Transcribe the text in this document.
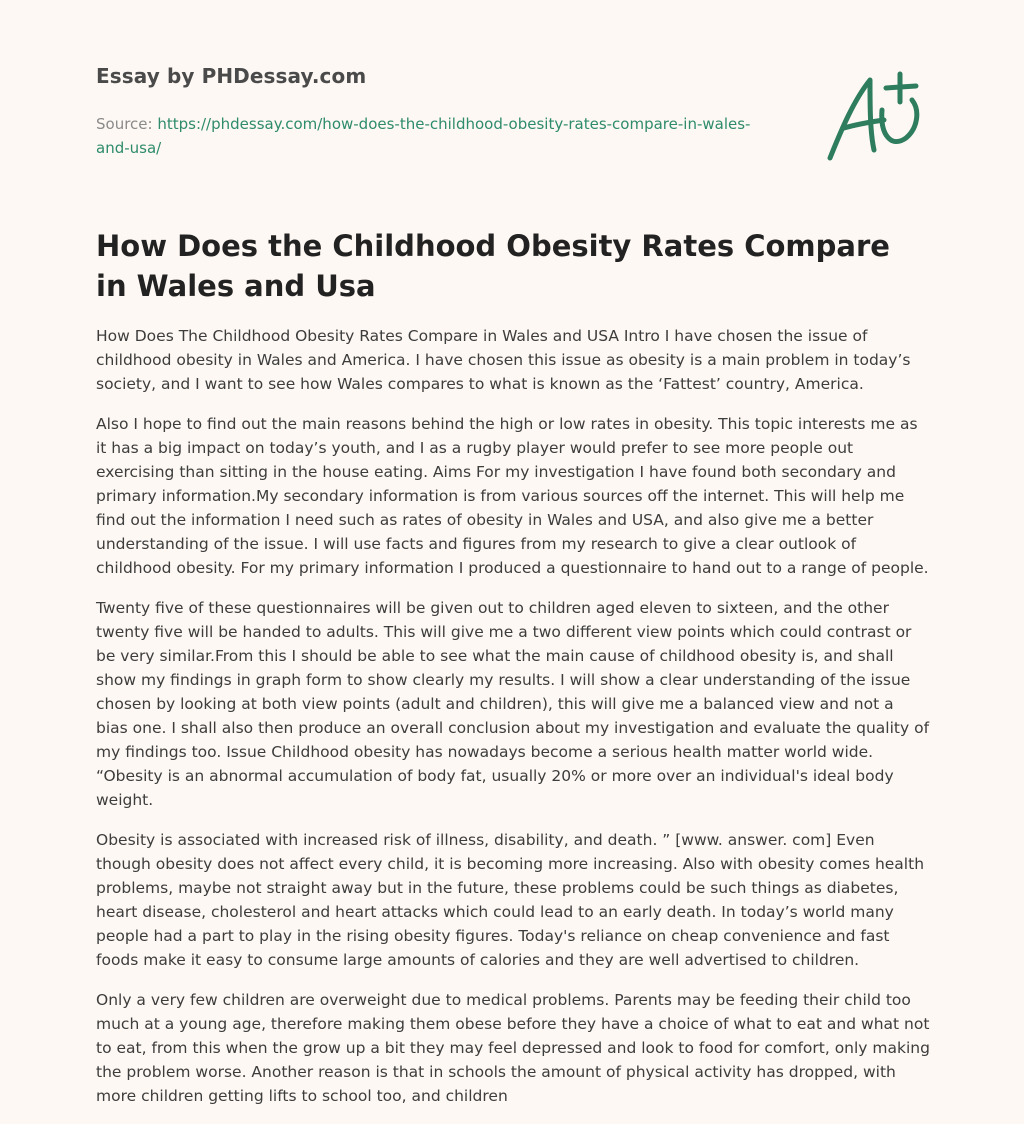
Essay by PHDessay.com
Source: https://phdessay.com/how-does-the-childhood-obesity-rates-compare-in-wales-and-usa/
How Does the Childhood Obesity Rates Compare in Wales and Usa

How Does The Childhood Obesity Rates Compare in Wales and USA Intro I have chosen the issue of childhood obesity in Wales and America. I have chosen this issue as obesity is a main problem in today’s society, and I want to see how Wales compares to what is known as the ‘Fattest’ country, America.

Also I hope to find out the main reasons behind the high or low rates in obesity. This topic interests me as it has a big impact on today’s youth, and I as a rugby player would prefer to see more people out exercising than sitting in the house eating. Aims For my investigation I have found both secondary and primary information.My secondary information is from various sources off the internet. This will help me find out the information I need such as rates of obesity in Wales and USA, and also give me a better understanding of the issue. I will use facts and figures from my research to give a clear outlook of childhood obesity. For my primary information I produced a questionnaire to hand out to a range of people.

Twenty five of these questionnaires will be given out to children aged eleven to sixteen, and the other twenty five will be handed to adults. This will give me a two different view points which could contrast or be very similar.From this I should be able to see what the main cause of childhood obesity is, and shall show my findings in graph form to show clearly my results. I will show a clear understanding of the issue chosen by looking at both view points (adult and children), this will give me a balanced view and not a bias one. I shall also then produce an overall conclusion about my investigation and evaluate the quality of my findings too. Issue Childhood obesity has nowadays become a serious health matter world wide. “Obesity is an abnormal accumulation of body fat, usually 20% or more over an individual's ideal body weight.

Obesity is associated with increased risk of illness, disability, and death. ” [www. answer. com] Even though obesity does not affect every child, it is becoming more increasing. Also with obesity comes health problems, maybe not straight away but in the future, these problems could be such things as diabetes, heart disease, cholesterol and heart attacks which could lead to an early death. In today’s world many people had a part to play in the rising obesity figures. Today's reliance on cheap convenience and fast foods make it easy to consume large amounts of calories and they are well advertised to children.

Only a very few children are overweight due to medical problems. Parents may be feeding their child too much at a young age, therefore making them obese before they have a choice of what to eat and what not to eat, from this when the grow up a bit they may feel depressed and look to food for comfort, only making the problem worse. Another reason is that in schools the amount of physical activity has dropped, with more children getting lifts to school too, and children
